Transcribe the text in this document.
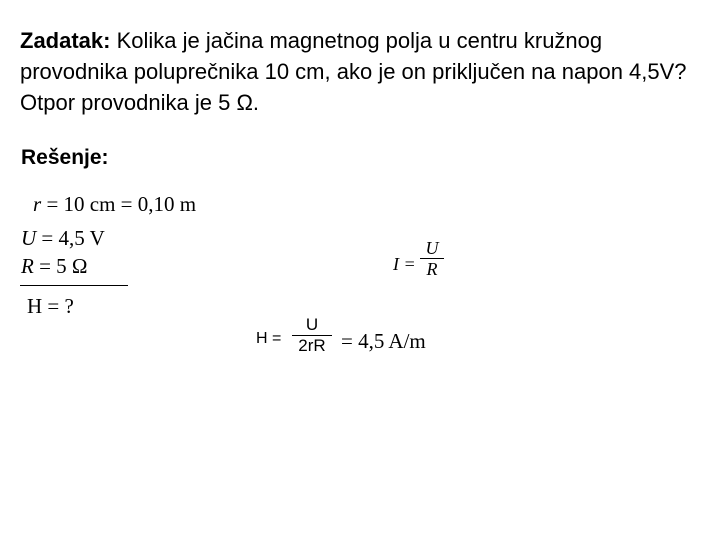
Zadatak: Kolika je jačina magnetnog polja u centru kružnog provodnika poluprečnika 10 cm, ako je on priključen na napon 4,5V? Otpor provodnika je 5 Ω.
Rešenje:
r = 10 cm = 0,10 m
U = 4,5 V
R = 5 Ω
H = ?
I =
U
R
H =
U
2rR = 4,5 A/m
